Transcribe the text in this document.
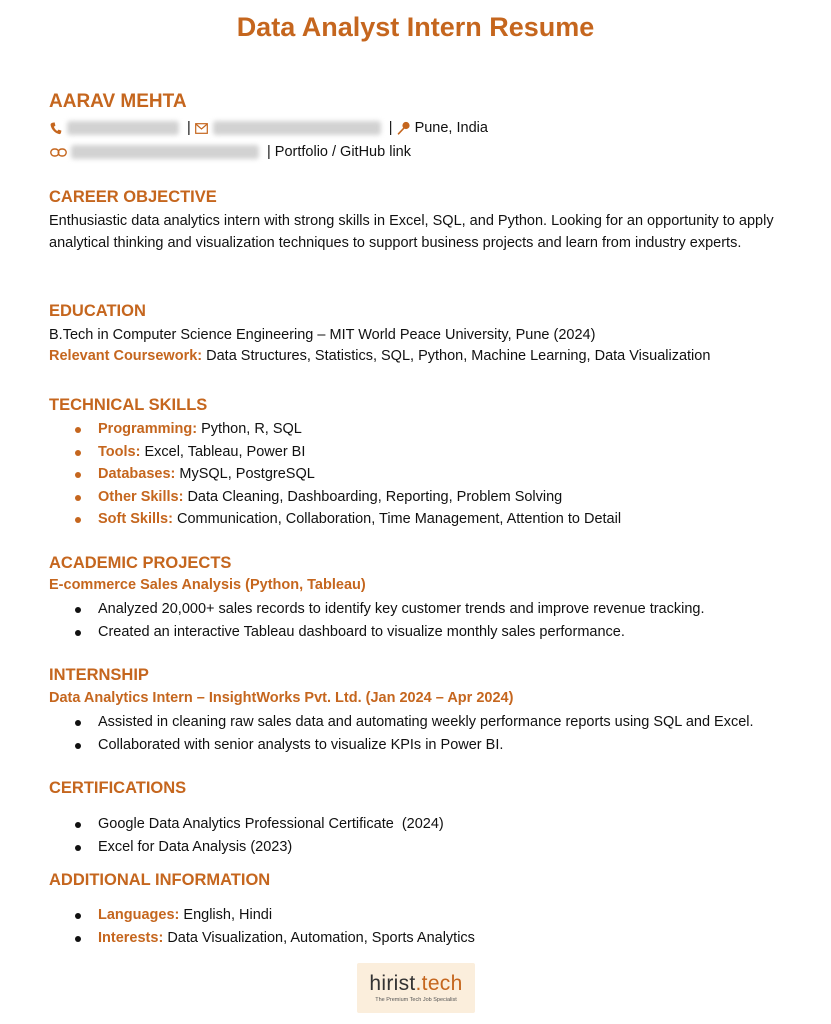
Data Analyst Intern Resume
AARAV MEHTA
|	| Pune, India
| Portfolio / GitHub link
CAREER OBJECTIVE
Enthusiastic data analytics intern with strong skills in Excel, SQL, and Python. Looking for an opportunity to apply analytical thinking and visualization techniques to support business projects and learn from industry experts.
EDUCATION
B.Tech in Computer Science Engineering – MIT World Peace University, Pune (2024)
Relevant Coursework: Data Structures, Statistics, SQL, Python, Machine Learning, Data Visualization
TECHNICAL SKILLS
Programming: Python, R, SQL
Tools: Excel, Tableau, Power BI
Databases: MySQL, PostgreSQL
Other Skills: Data Cleaning, Dashboarding, Reporting, Problem Solving
Soft Skills: Communication, Collaboration, Time Management, Attention to Detail
ACADEMIC PROJECTS
E-commerce Sales Analysis (Python, Tableau)
Analyzed 20,000+ sales records to identify key customer trends and improve revenue tracking.
Created an interactive Tableau dashboard to visualize monthly sales performance.
INTERNSHIP
Data Analytics Intern – InsightWorks Pvt. Ltd. (Jan 2024 – Apr 2024)
Assisted in cleaning raw sales data and automating weekly performance reports using SQL and Excel.
Collaborated with senior analysts to visualize KPIs in Power BI.
CERTIFICATIONS
Google Data Analytics Professional Certificate  (2024)
Excel for Data Analysis (2023)
ADDITIONAL INFORMATION
Languages: English, Hindi
Interests: Data Visualization, Automation, Sports Analytics
hirist.tech
The Premium Tech Job Specialist
